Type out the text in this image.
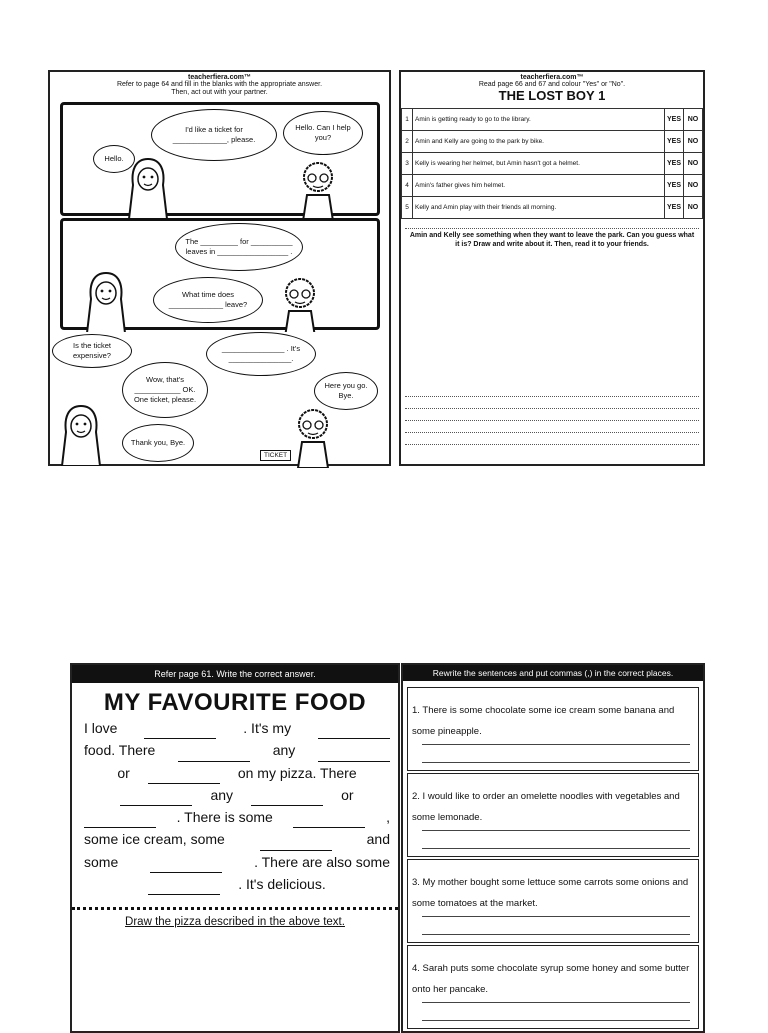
teacherfiera.com™
Refer to page 64 and fill in the blanks with the appropriate answer.
Then, act out with your partner.
Hello.
I'd like a ticket for _____________, please.
Hello. Can I help you?
The _________ for __________ leaves in _________________ .
What time does _____________ leave?
Is the ticket expensive?
_______________ . It's _______________.
Wow, that's ___________ OK. One ticket, please.
Here you go. Bye.
Thank you, Bye.
TICKET
teacherfiera.com™
Read page 66 and 67 and colour "Yes" or "No".
THE LOST BOY 1
1	Amin is getting ready to go to the library.	YES	NO
2	Amin and Kelly are going to the park by bike.	YES	NO
3	Kelly is wearing her helmet, but Amin hasn't got a helmet.	YES	NO
4	Amin's father gives him helmet.	YES	NO
5	Kelly and Amin play with their friends all morning.	YES	NO
Amin and Kelly see something when they want to leave the park. Can you guess what it is? Draw and write about it. Then, read it to your friends.
Refer page 61. Write the correct answer.
MY FAVOURITE FOOD
I love	. It's my
food. There	any
or	on my pizza. There
any	or
. There is some	,
some ice cream, some	and
some	. There are also some
. It's delicious.
Draw the pizza described in the above text.
Rewrite the sentences and put commas (,) in the correct places.
1. There is some chocolate some ice cream some banana and some pineapple.
2. I would like to order an omelette noodles with vegetables and some lemonade.
3. My mother bought some lettuce some carrots some onions and some tomatoes at the market.
4. Sarah puts some chocolate syrup some honey and some butter onto her pancake.
